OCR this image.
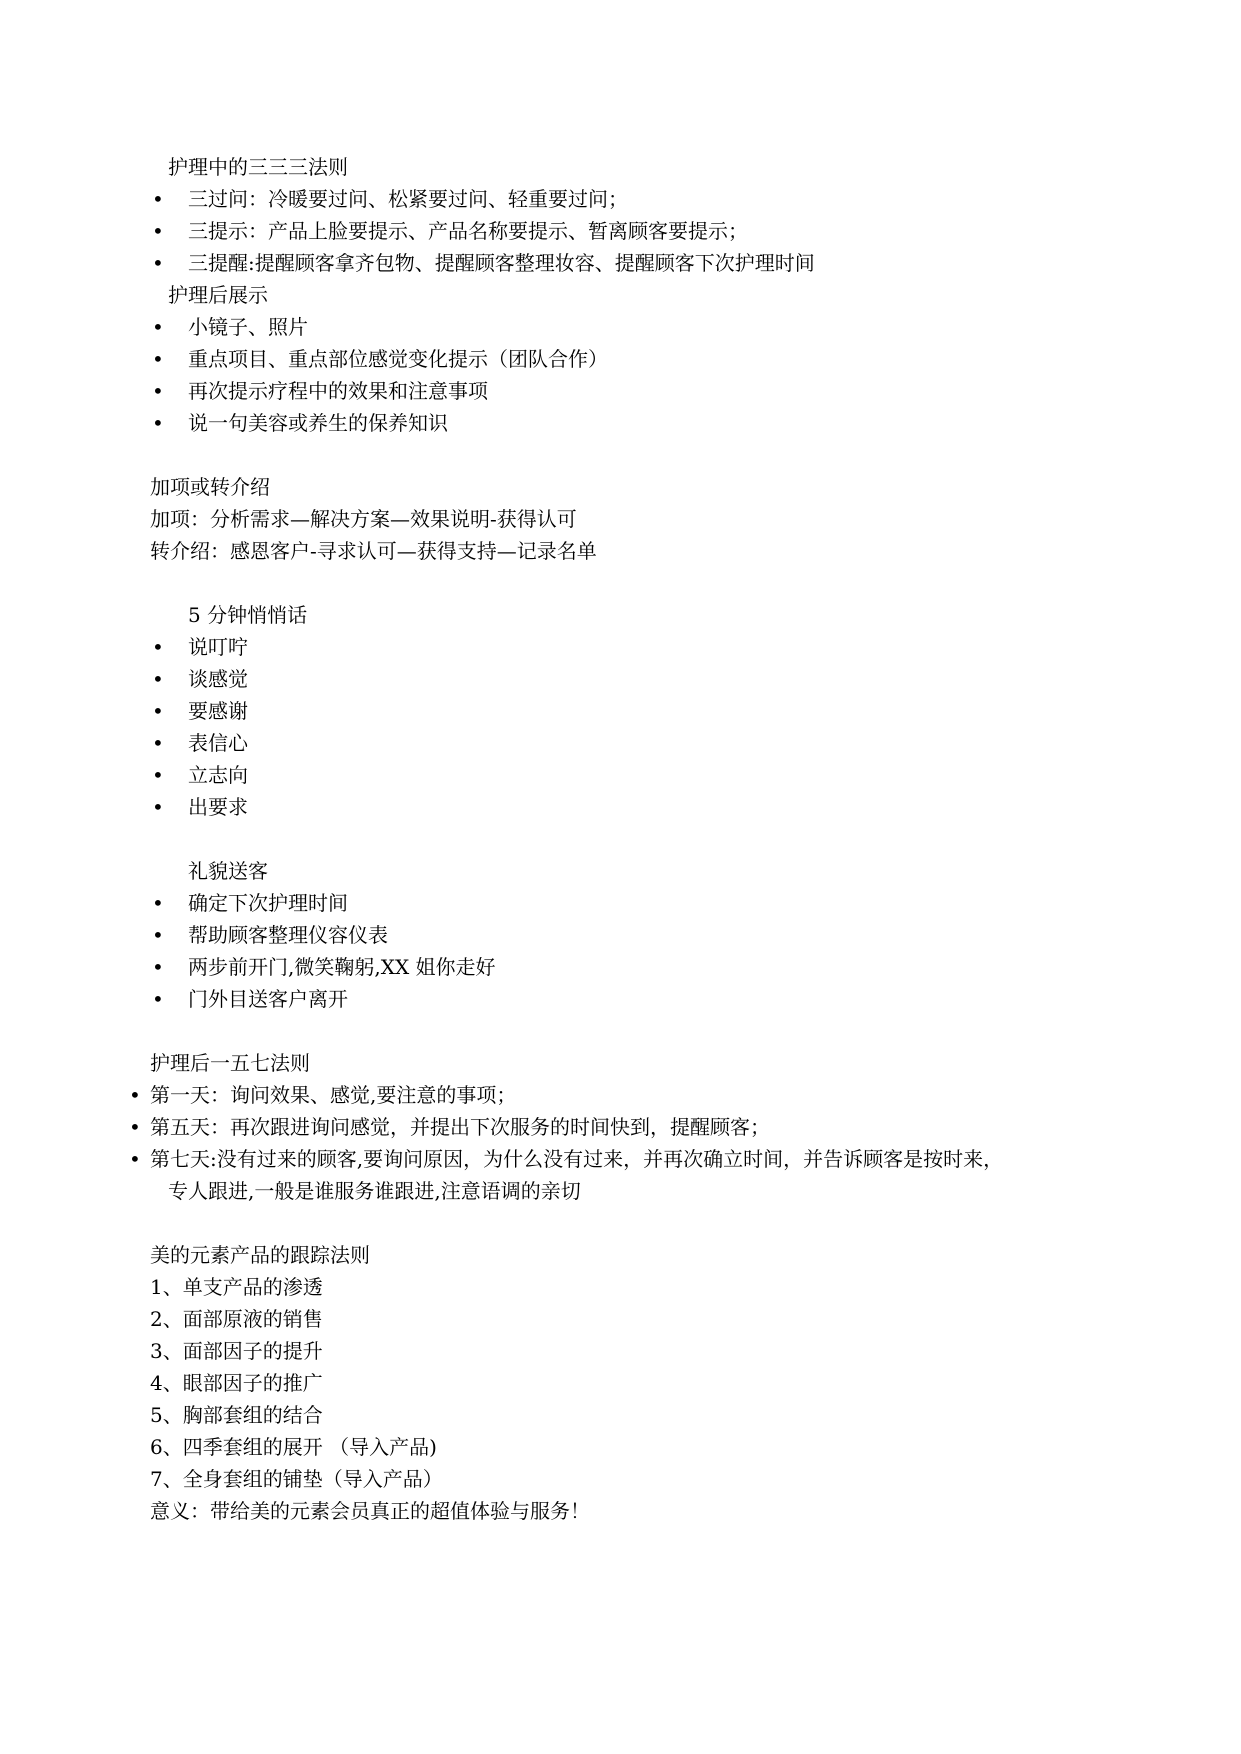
护理中的三三三法则
• 三过问：冷暖要过问、松紧要过问、轻重要过问；
• 三提示：产品上脸要提示、产品名称要提示、暂离顾客要提示；
• 三提醒:提醒顾客拿齐包物、提醒顾客整理妆容、提醒顾客下次护理时间
护理后展示
• 小镜子、照片
• 重点项目、重点部位感觉变化提示（团队合作）
• 再次提示疗程中的效果和注意事项
• 说一句美容或养生的保养知识
加项或转介绍
加项：分析需求—解决方案—效果说明-获得认可
转介绍：感恩客户-寻求认可—获得支持—记录名单
5 分钟悄悄话
• 说叮咛
• 谈感觉
• 要感谢
• 表信心
• 立志向
• 出要求
礼貌送客
• 确定下次护理时间
• 帮助顾客整理仪容仪表
• 两步前开门,微笑鞠躬,XX 姐你走好
• 门外目送客户离开
护理后一五七法则
• 第一天：询问效果、感觉,要注意的事项；
• 第五天：再次跟进询问感觉，并提出下次服务的时间快到，提醒顾客；
• 第七天:没有过来的顾客,要询问原因，为什么没有过来，并再次确立时间，并告诉顾客是按时来，
专人跟进,一般是谁服务谁跟进,注意语调的亲切
美的元素产品的跟踪法则
1、单支产品的渗透
2、面部原液的销售
3、面部因子的提升
4、眼部因子的推广
5、胸部套组的结合
6、四季套组的展开 （导入产品)
7、全身套组的铺垫（导入产品）
意义：带给美的元素会员真正的超值体验与服务！
